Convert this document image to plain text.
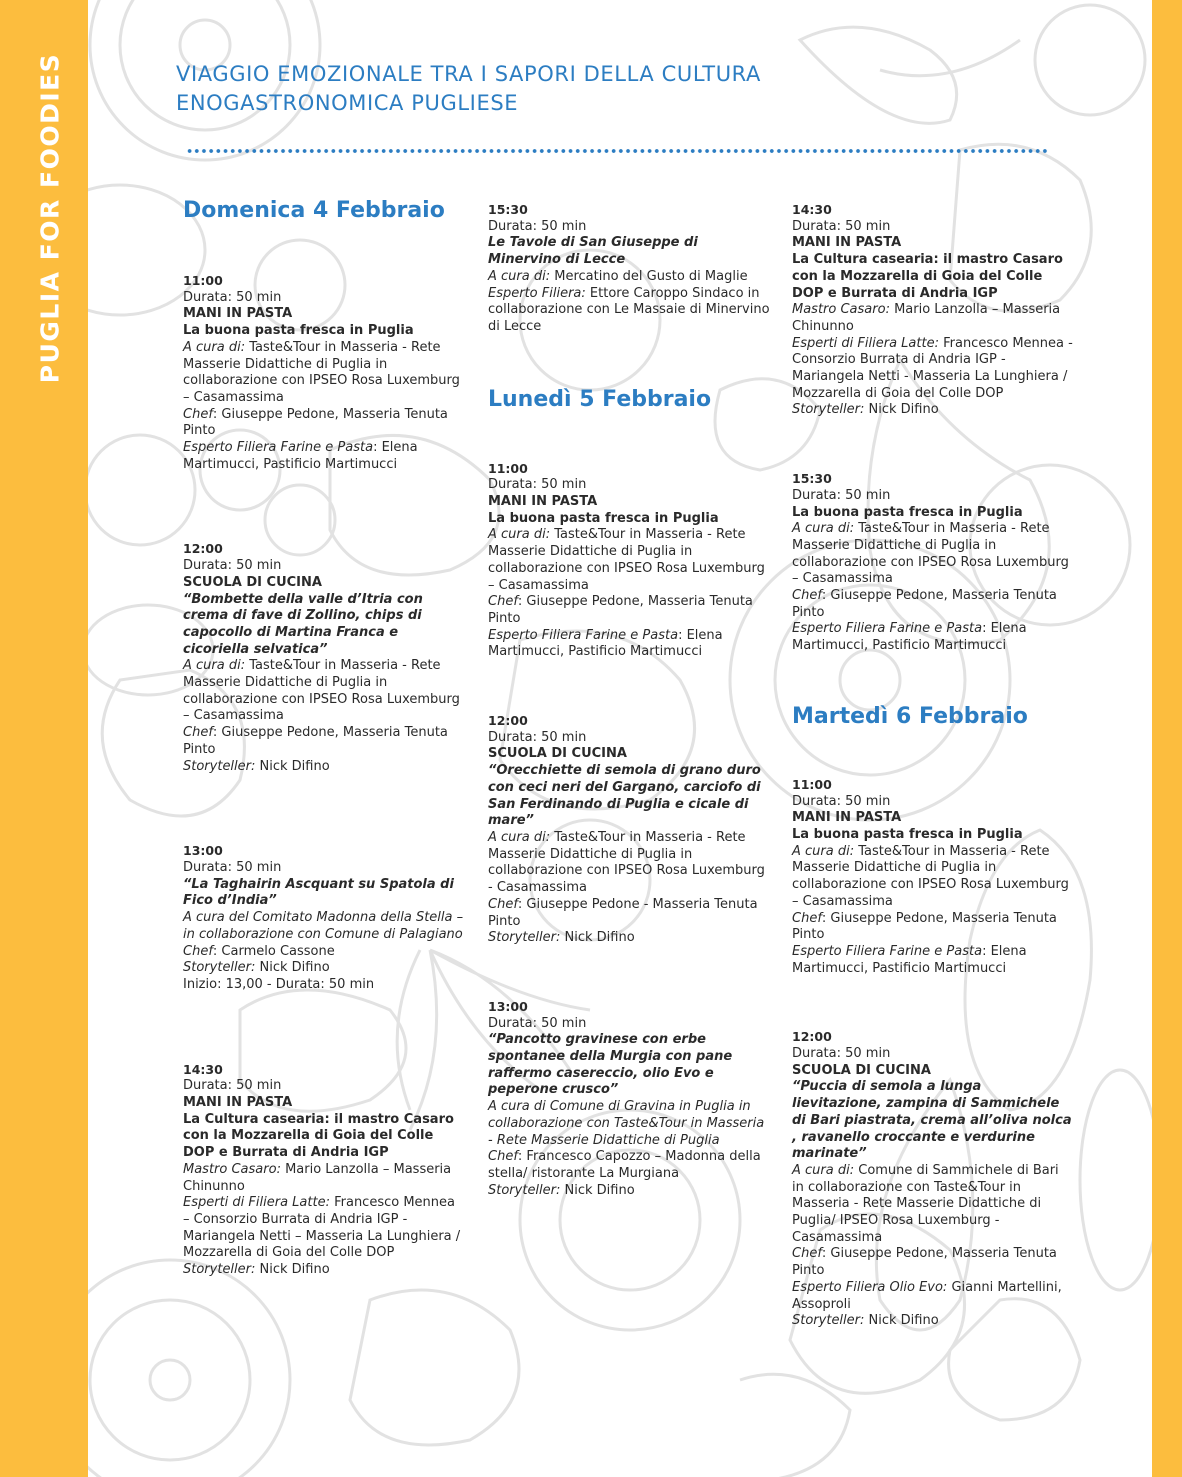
PUGLIA FOR FOODIES	VIAGGIO EMOZIONALE TRA I SAPORI DELLA CULTURA
ENOGASTRONOMICA PUGLIESE
Domenica 4 Febbraio
11:00
Durata: 50 min
MANI IN PASTA
La buona pasta fresca in Puglia
A cura di: Taste&Tour in Masseria - Rete Masserie Didattiche di Puglia in collaborazione con IPSEO Rosa Luxemburg – Casamassima
Chef: Giuseppe Pedone, Masseria Tenuta Pinto
Esperto Filiera Farine e Pasta: Elena Martimucci, Pastificio Martimucci
12:00
Durata: 50 min
SCUOLA DI CUCINA
“Bombette della valle d’Itria con crema di fave di Zollino, chips di capocollo di Martina Franca e cicoriella selvatica”
A cura di: Taste&Tour in Masseria - Rete Masserie Didattiche di Puglia in collaborazione con IPSEO Rosa Luxemburg – Casamassima
Chef: Giuseppe Pedone, Masseria Tenuta Pinto
Storyteller: Nick Difino
13:00
Durata: 50 min
“La Taghairin Ascquant su Spatola di Fico d’India”
A cura del Comitato Madonna della Stella – in collaborazione con Comune di Palagiano
Chef: Carmelo Cassone
Storyteller: Nick Difino
Inizio: 13,00 - Durata: 50 min
14:30
Durata: 50 min
MANI IN PASTA
La Cultura casearia: il mastro Casaro con la Mozzarella di Goia del Colle DOP e Burrata di Andria IGP
Mastro Casaro: Mario Lanzolla – Masseria Chinunno
Esperti di Filiera Latte: Francesco Mennea – Consorzio Burrata di Andria IGP -Mariangela Netti – Masseria La Lunghiera / Mozzarella di Goia del Colle DOP
Storyteller: Nick Difino
15:30
Durata: 50 min
Le Tavole di San Giuseppe di Minervino di Lecce
A cura di: Mercatino del Gusto di Maglie
Esperto Filiera: Ettore Caroppo Sindaco in collaborazione con Le Massaie di Minervino di Lecce
Lunedì 5 Febbraio
11:00
Durata: 50 min
MANI IN PASTA
La buona pasta fresca in Puglia
A cura di: Taste&Tour in Masseria - Rete Masserie Didattiche di Puglia in collaborazione con IPSEO Rosa Luxemburg – Casamassima
Chef: Giuseppe Pedone, Masseria Tenuta Pinto
Esperto Filiera Farine e Pasta: Elena Martimucci, Pastificio Martimucci
12:00
Durata: 50 min
SCUOLA DI CUCINA
“Orecchiette di semola di grano duro con ceci neri del Gargano, carciofo di San Ferdinando di Puglia e cicale di mare”
A cura di: Taste&Tour in Masseria - Rete Masserie Didattiche di Puglia in collaborazione con IPSEO Rosa Luxemburg - Casamassima
Chef: Giuseppe Pedone - Masseria Tenuta Pinto
Storyteller: Nick Difino
13:00
Durata: 50 min
“Pancotto gravinese con erbe spontanee della Murgia con pane raffermo casereccio, olio Evo e peperone crusco”
A cura di Comune di Gravina in Puglia in collaborazione con Taste&Tour in Masseria - Rete Masserie Didattiche di Puglia
Chef: Francesco Capozzo – Madonna della stella/ ristorante La Murgiana
Storyteller: Nick Difino
14:30
Durata: 50 min
MANI IN PASTA
La Cultura casearia: il mastro Casaro con la Mozzarella di Goia del Colle DOP e Burrata di Andria IGP
Mastro Casaro: Mario Lanzolla – Masseria Chinunno
Esperti di Filiera Latte: Francesco Mennea - Consorzio Burrata di Andria IGP - Mariangela Netti - Masseria La Lunghiera / Mozzarella di Goia del Colle DOP
Storyteller: Nick Difino
15:30
Durata: 50 min
La buona pasta fresca in Puglia
A cura di: Taste&Tour in Masseria - Rete Masserie Didattiche di Puglia in collaborazione con IPSEO Rosa Luxemburg – Casamassima
Chef: Giuseppe Pedone, Masseria Tenuta Pinto
Esperto Filiera Farine e Pasta: Elena Martimucci, Pastificio Martimucci
Martedì 6 Febbraio
11:00
Durata: 50 min
MANI IN PASTA
La buona pasta fresca in Puglia
A cura di: Taste&Tour in Masseria - Rete Masserie Didattiche di Puglia in collaborazione con IPSEO Rosa Luxemburg – Casamassima
Chef: Giuseppe Pedone, Masseria Tenuta Pinto
Esperto Filiera Farine e Pasta: Elena Martimucci, Pastificio Martimucci
12:00
Durata: 50 min
SCUOLA DI CUCINA
“Puccia di semola a lunga lievitazione, zampina di Sammichele di Bari piastrata, crema all’oliva nolca , ravanello croccante e verdurine marinate”
A cura di: Comune di Sammichele di Bari in collaborazione con Taste&Tour in Masseria - Rete Masserie Didattiche di Puglia/ IPSEO Rosa Luxemburg - Casamassima
Chef: Giuseppe Pedone, Masseria Tenuta Pinto
Esperto Filiera Olio Evo: Gianni Martellini, Assoproli
Storyteller: Nick Difino
